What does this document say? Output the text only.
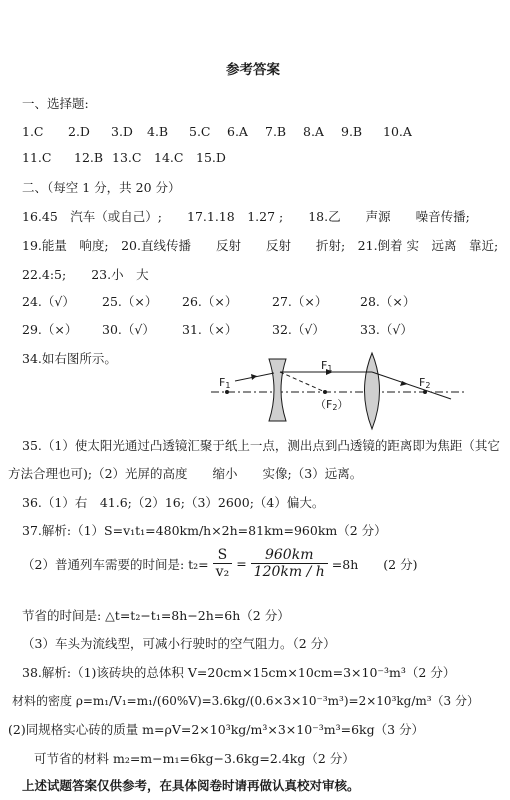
参考答案
一、选择题:
1.C 2.D 3.D 4.B 5.C 6.A 7.B 8.A 9.B 10.A
11.C 12.B 13.C 14.C 15.D
二、（每空 1 分，共 20 分）
16.45　汽车（或自己）;　　17.1.18　1.27 ;　　18.乙　　声源　　噪音传播;
19.能量　响度;　20.直线传播　　反射　　反射　　折射;　21.倒着 实　远离　靠近;
22.4:5;　　23.小　大
24.（√） 25.（×） 26.（×）	27.（×）	28.（×）
29.（×） 30.（√） 31.（×）	32.（√）	33.（√）
34.如右图所示。
F1
F1
（F2）
F2
35.（1）使太阳光通过凸透镜汇聚于纸上一点，测出点到凸透镜的距离即为焦距（其它
方法合理也可);（2）光屏的高度　　缩小　　实像;（3）远离。
36.（1）右　41.6;（2）16;（3）2600;（4）偏大。
37.解析:（1）S=v₁t₁=480km/h×2h=81km=960km（2 分）
（2）普通列车需要的时间是: $t_2= \frac{S}{\text{v₂}} = \frac{960km}{120km / h} =8h$　　(2 分)
节省的时间是: △t=t₂−t₁=8h−2h=6h（2 分）
（3）车头为流线型，可减小行驶时的空气阻力。（2 分）
38.解析:（1)该砖块的总体积 V=20cm×15cm×10cm=3×10⁻³m³（2 分）
材料的密度 ρ=m₁/V₁=m₁/(60%V)=3.6kg/(0.6×3×10⁻³m³)=2×10³kg/m³（3 分）
(2)同规格实心砖的质量 m=ρV=2×10³kg/m³×3×10⁻³m³=6kg（3 分）
可节省的材料 m₂=m−m₁=6kg−3.6kg=2.4kg（2 分）
上述试题答案仅供参考，在具体阅卷时请再做认真校对审核。
